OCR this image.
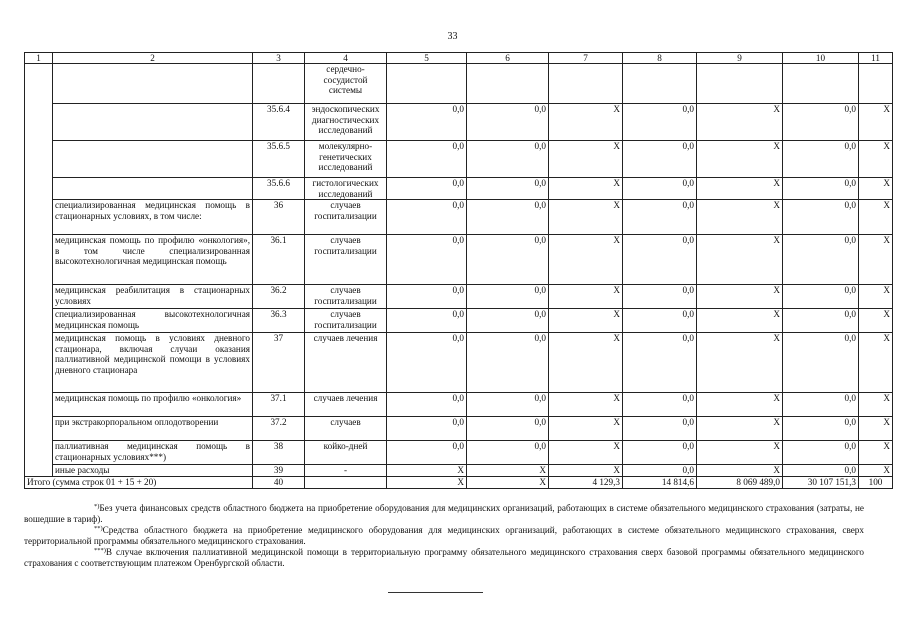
33
1	2	3	4	5	6	7	8	9	10	11
			сердечно-сосудистой системы							
		35.6.4	эндоскопических диагностических исследований	0,0	0,0	X	0,0	X	0,0	X
		35.6.5	молекулярно-генетических исследований	0,0	0,0	X	0,0	X	0,0	X
		35.6.6	гистологических исследований	0,0	0,0	X	0,0	X	0,0	X
	специализированная медицинская помощь в стационарных условиях, в том числе:	36	случаев госпитализации	0,0	0,0	X	0,0	X	0,0	X
	медицинская помощь по профилю «онкология», в том числе специализированная высокотехнологичная медицинская помощь	36.1	случаев госпитализации	0,0	0,0	X	0,0	X	0,0	X
	медицинская реабилитация в стационарных условиях	36.2	случаев госпитализации	0,0	0,0	X	0,0	X	0,0	X
	специализированная высокотехнологичная медицинская помощь	36.3	случаев госпитализации	0,0	0,0	X	0,0	X	0,0	X
	медицинская помощь в условиях дневного стационара, включая случаи оказания паллиативной медицинской помощи в условиях дневного стационара	37	случаев лечения	0,0	0,0	X	0,0	X	0,0	X
	медицинская помощь по профилю «онкология»	37.1	случаев лечения	0,0	0,0	X	0,0	X	0,0	X
	при экстракорпоральном оплодотворении	37.2	случаев	0,0	0,0	X	0,0	X	0,0	X
	паллиативная медицинская помощь в стационарных условиях***)	38	койко-дней	0,0	0,0	X	0,0	X	0,0	X
	иные расходы	39	-	X	X	X	0,0	X	0,0	X
Итого (сумма строк 01 + 15 + 20)		40		X	X	4 129,3	14 814,6	8 069 489,0	30 107 151,3	100

*)Без учета финансовых средств областного бюджета на приобретение оборудования для медицинских организаций, работающих в системе обязательного медицинского страхования (затраты, не вошедшие в тариф).

**)Средства областного бюджета на приобретение медицинского оборудования для медицинских организаций, работающих в системе обязательного медицинского страхования, сверх территориальной программы обязательного медицинского страхования.

***)В случае включения паллиативной медицинской помощи в территориальную программу обязательного медицинского страхования сверх базовой программы обязательного медицинского страхования с соответствующим платежом Оренбургской области.
